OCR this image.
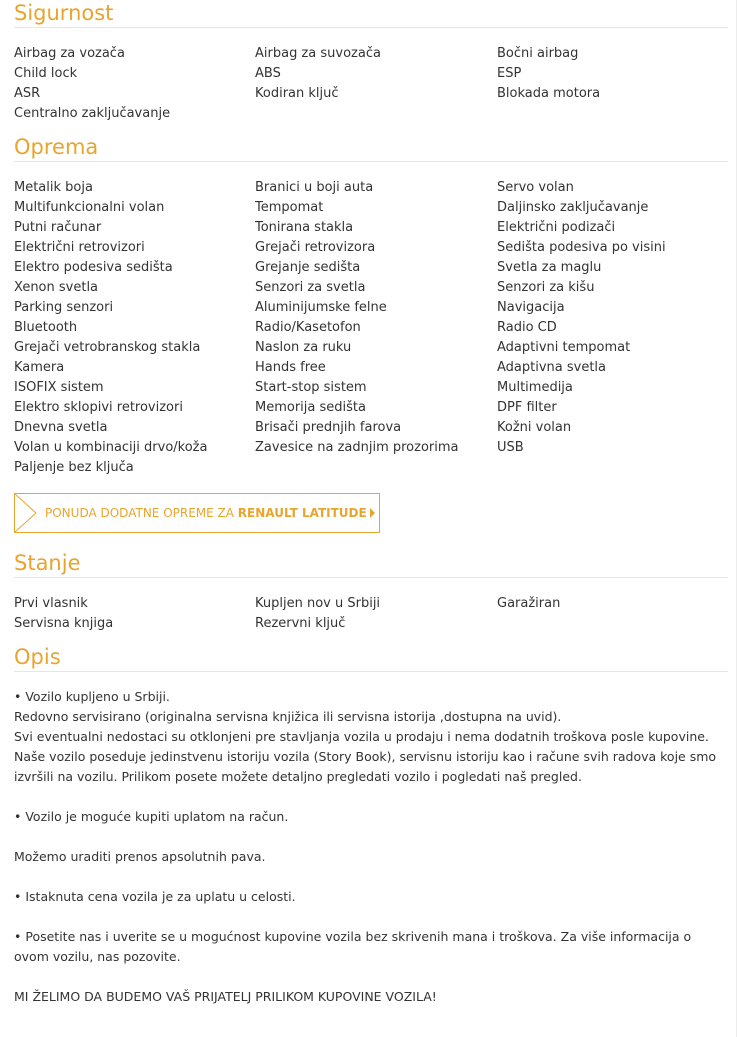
Sigurnost
Airbag za vozača	Airbag za suvozača	Bočni airbag
Child lock	ABS	ESP
ASR	Kodiran ključ	Blokada motora
Centralno zaključavanje
Oprema
Metalik boja	Branici u boji auta	Servo volan
Multifunkcionalni volan	Tempomat	Daljinsko zaključavanje
Putni računar	Tonirana stakla	Električni podizači
Električni retrovizori	Grejači retrovizora	Sedišta podesiva po visini
Elektro podesiva sedišta	Grejanje sedišta	Svetla za maglu
Xenon svetla	Senzori za svetla	Senzori za kišu
Parking senzori	Aluminijumske felne	Navigacija
Bluetooth	Radio/Kasetofon	Radio CD
Grejači vetrobranskog stakla	Naslon za ruku	Adaptivni tempomat
Kamera	Hands free	Adaptivna svetla
ISOFIX sistem	Start-stop sistem	Multimedija
Elektro sklopivi retrovizori	Memorija sedišta	DPF filter
Dnevna svetla	Brisači prednjih farova	Kožni volan
Volan u kombinaciji drvo/koža	Zavesice na zadnjim prozorima	USB
Paljenje bez ključa
PONUDA DODATNE OPREME ZA RENAULT LATITUDE
Stanje
Prvi vlasnik	Kupljen nov u Srbiji	Garažiran
Servisna knjiga	Rezervni ključ
Opis

• Vozilo kupljeno u Srbiji.

Redovno servisirano (originalna servisna knjižica ili servisna istorija ,dostupna na uvid).

Svi eventualni nedostaci su otklonjeni pre stavljanja vozila u prodaju i nema dodatnih troškova posle kupovine.

Naše vozilo poseduje jedinstvenu istoriju vozila (Story Book), servisnu istoriju kao i račune svih radova koje smo izvršili na vozilu. Prilikom posete možete detaljno pregledati vozilo i pogledati naš pregled.

• Vozilo je moguće kupiti uplatom na račun.

Možemo uraditi prenos apsolutnih pava.

• Istaknuta cena vozila je za uplatu u celosti.

• Posetite nas i uverite se u mogućnost kupovine vozila bez skrivenih mana i troškova. Za više informacija o ovom vozilu, nas pozovite.

MI ŽELIMO DA BUDEMO VAŠ PRIJATELJ PRILIKOM KUPOVINE VOZILA!
